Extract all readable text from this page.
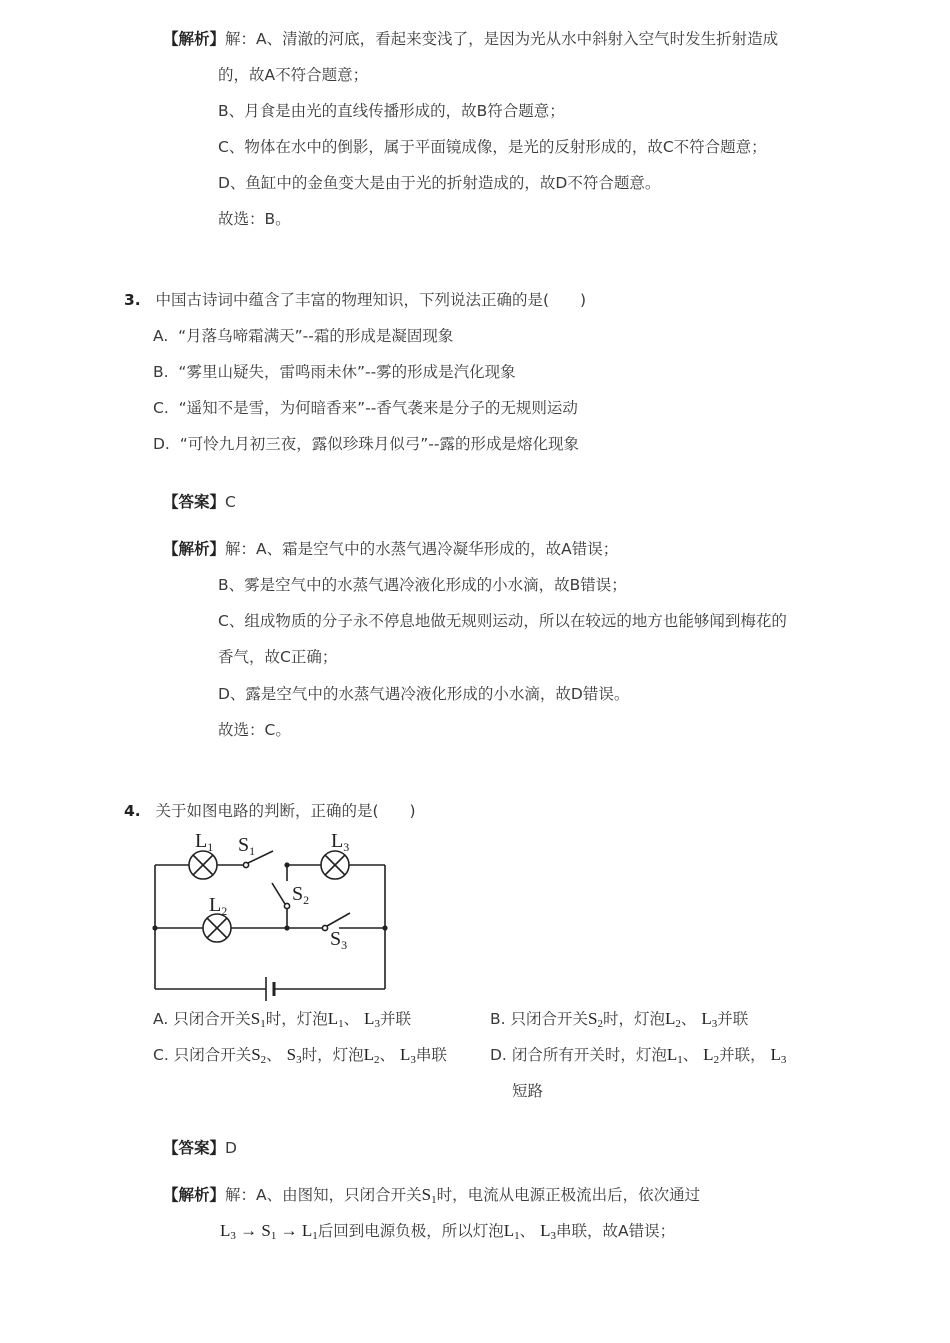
【解析】解：A、清澈的河底，看起来变浅了，是因为光从水中斜射入空气时发生折射造成
的，故A不符合题意；
B、月食是由光的直线传播形成的，故B符合题意；
C、物体在水中的倒影，属于平面镜成像，是光的反射形成的，故C不符合题意；
D、鱼缸中的金鱼变大是由于光的折射造成的，故D不符合题意。
故选：B。
3. 中国古诗词中蕴含了丰富的物理知识，下列说法正确的是(　　)
A. “月落乌啼霜满天”--霜的形成是凝固现象
B. “雾里山疑失，雷鸣雨未休”--雾的形成是汽化现象
C. “遥知不是雪，为何暗香来”--香气袭来是分子的无规则运动
D. “可怜九月初三夜，露似珍珠月似弓”--露的形成是熔化现象
【答案】C
【解析】解：A、霜是空气中的水蒸气遇冷凝华形成的，故A错误；
B、雾是空气中的水蒸气遇冷液化形成的小水滴，故B错误；
C、组成物质的分子永不停息地做无规则运动，所以在较远的地方也能够闻到梅花的
香气，故C正确；
D、露是空气中的水蒸气遇冷液化形成的小水滴，故D错误。
故选：C。
4. 关于如图电路的判断，正确的是(　　)
$L_1$ $S_1$	$L_3$
$S_2$
$L_2$
$S_3$
A. 只闭合开关$S_1$时，灯泡$L_1$、 $L_3$并联	B. 只闭合开关$S_2$时，灯泡$L_2$、 $L_3$并联
C. 只闭合开关$S_2$、 $S_3$时，灯泡$L_2$、 $L_3$串联	D. 闭合所有开关时，灯泡$L_1$、 $L_2$并联， $L_3$
短路
【答案】D
【解析】解：A、由图知，只闭合开关$S_1$时，电流从电源正极流出后，依次通过
$L_3 \to S_1 \to L_1$后回到电源负极，所以灯泡$L_1$、 $L_3$串联，故A错误；
